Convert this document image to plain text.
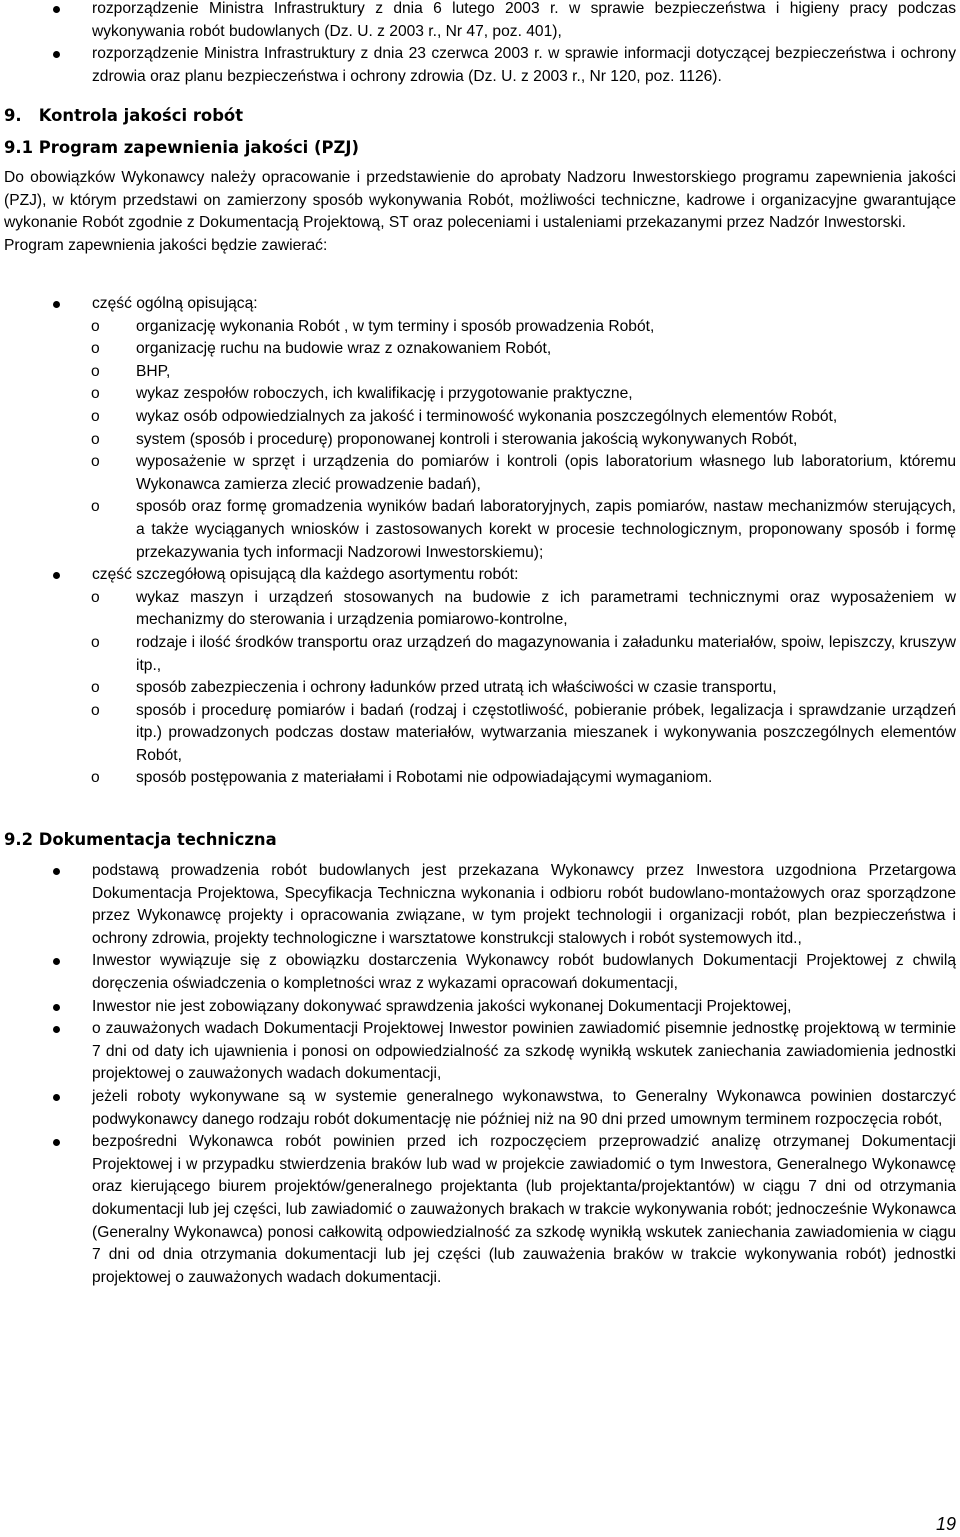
rozporządzenie Ministra Infrastruktury z dnia 6 lutego 2003 r. w sprawie bezpieczeństwa i higieny pracy podczas wykonywania robót budowlanych (Dz. U. z 2003 r., Nr 47, poz. 401),
rozporządzenie Ministra Infrastruktury z dnia 23 czerwca 2003 r. w sprawie informacji dotyczącej bezpieczeństwa i ochrony zdrowia oraz planu bezpieczeństwa i ochrony zdrowia (Dz. U. z 2003 r., Nr 120, poz. 1126).
9.   Kontrola jakości robót
9.1 Program zapewnienia jakości (PZJ)

Do obowiązków Wykonawcy należy opracowanie i przedstawienie do aprobaty Nadzoru Inwestorskiego programu zapewnienia jakości (PZJ), w którym przedstawi on zamierzony sposób wykonywania Robót, możliwości techniczne, kadrowe i organizacyjne gwarantujące wykonanie Robót zgodnie z Dokumentacją Projektową, ST oraz poleceniami i ustaleniami przekazanymi przez Nadzór Inwestorski.

Program zapewnienia jakości będzie zawierać:

część ogólną opisującą:
o organizację wykonania Robót , w tym terminy i sposób prowadzenia Robót,
o organizację ruchu na budowie wraz z oznakowaniem Robót,
o BHP,
o wykaz zespołów roboczych, ich kwalifikację i przygotowanie praktyczne,
o wykaz osób odpowiedzialnych za jakość i terminowość wykonania poszczególnych elementów Robót,
o system (sposób i procedurę) proponowanej kontroli i sterowania jakością wykonywanych Robót,
o wyposażenie w sprzęt i urządzenia do pomiarów i kontroli (opis laboratorium własnego lub laboratorium, któremu Wykonawca zamierza zlecić prowadzenie badań),
o sposób oraz formę gromadzenia wyników badań laboratoryjnych, zapis pomiarów, nastaw mechanizmów sterujących, a także wyciąganych wniosków i zastosowanych korekt w procesie technologicznym, proponowany sposób i formę przekazywania tych informacji Nadzorowi Inwestorskiemu);
część szczegółową opisującą dla każdego asortymentu robót:
o wykaz maszyn i urządzeń stosowanych na budowie z ich parametrami technicznymi oraz wyposażeniem w mechanizmy do sterowania i urządzenia pomiarowo-kontrolne,
o rodzaje i ilość środków transportu oraz urządzeń do magazynowania i załadunku materiałów, spoiw, lepiszczy, kruszyw itp.,
o sposób zabezpieczenia i ochrony ładunków przed utratą ich właściwości w czasie transportu,
o sposób i procedurę pomiarów i badań (rodzaj i częstotliwość, pobieranie próbek, legalizacja i sprawdzanie urządzeń itp.) prowadzonych podczas dostaw materiałów, wytwarzania mieszanek i wykonywania poszczególnych elementów Robót,
o sposób postępowania z materiałami i Robotami nie odpowiadającymi wymaganiom.
9.2 Dokumentacja techniczna
podstawą prowadzenia robót budowlanych jest przekazana Wykonawcy przez Inwestora uzgodniona Przetargowa Dokumentacja Projektowa, Specyfikacja Techniczna wykonania i odbioru robót budowlano-montażowych oraz sporządzone przez Wykonawcę projekty i opracowania związane, w tym projekt technologii i organizacji robót, plan bezpieczeństwa i ochrony zdrowia, projekty technologiczne i warsztatowe konstrukcji stalowych i robót systemowych itd.,
Inwestor wywiązuje się z obowiązku dostarczenia Wykonawcy robót budowlanych Dokumentacji Projektowej z chwilą doręczenia oświadczenia o kompletności wraz z wykazami opracowań dokumentacji,
Inwestor nie jest zobowiązany dokonywać sprawdzenia jakości wykonanej Dokumentacji Projektowej,
o zauważonych wadach Dokumentacji Projektowej Inwestor powinien zawiadomić pisemnie jednostkę projektową w terminie 7 dni od daty ich ujawnienia i ponosi on odpowiedzialność za szkodę wynikłą wskutek zaniechania zawiadomienia jednostki projektowej o zauważonych wadach dokumentacji,
jeżeli roboty wykonywane są w systemie generalnego wykonawstwa, to Generalny Wykonawca powinien dostarczyć podwykonawcy danego rodzaju robót dokumentację nie później niż na 90 dni przed umownym terminem rozpoczęcia robót,
bezpośredni Wykonawca robót powinien przed ich rozpoczęciem przeprowadzić analizę otrzymanej Dokumentacji Projektowej i w przypadku stwierdzenia braków lub wad w projekcie zawiadomić o tym Inwestora, Generalnego Wykonawcę oraz kierującego biurem projektów/generalnego projektanta (lub projektanta/projektantów) w ciągu 7 dni od otrzymania dokumentacji lub jej części, lub zawiadomić o zauważonych brakach w trakcie wykonywania robót; jednocześnie Wykonawca (Generalny Wykonawca) ponosi całkowitą odpowiedzialność za szkodę wynikłą wskutek zaniechania zawiadomienia w ciągu 7 dni od dnia otrzymania dokumentacji lub jej części (lub zauważenia braków w trakcie wykonywania robót) jednostki projektowej o zauważonych wadach dokumentacji.
19
